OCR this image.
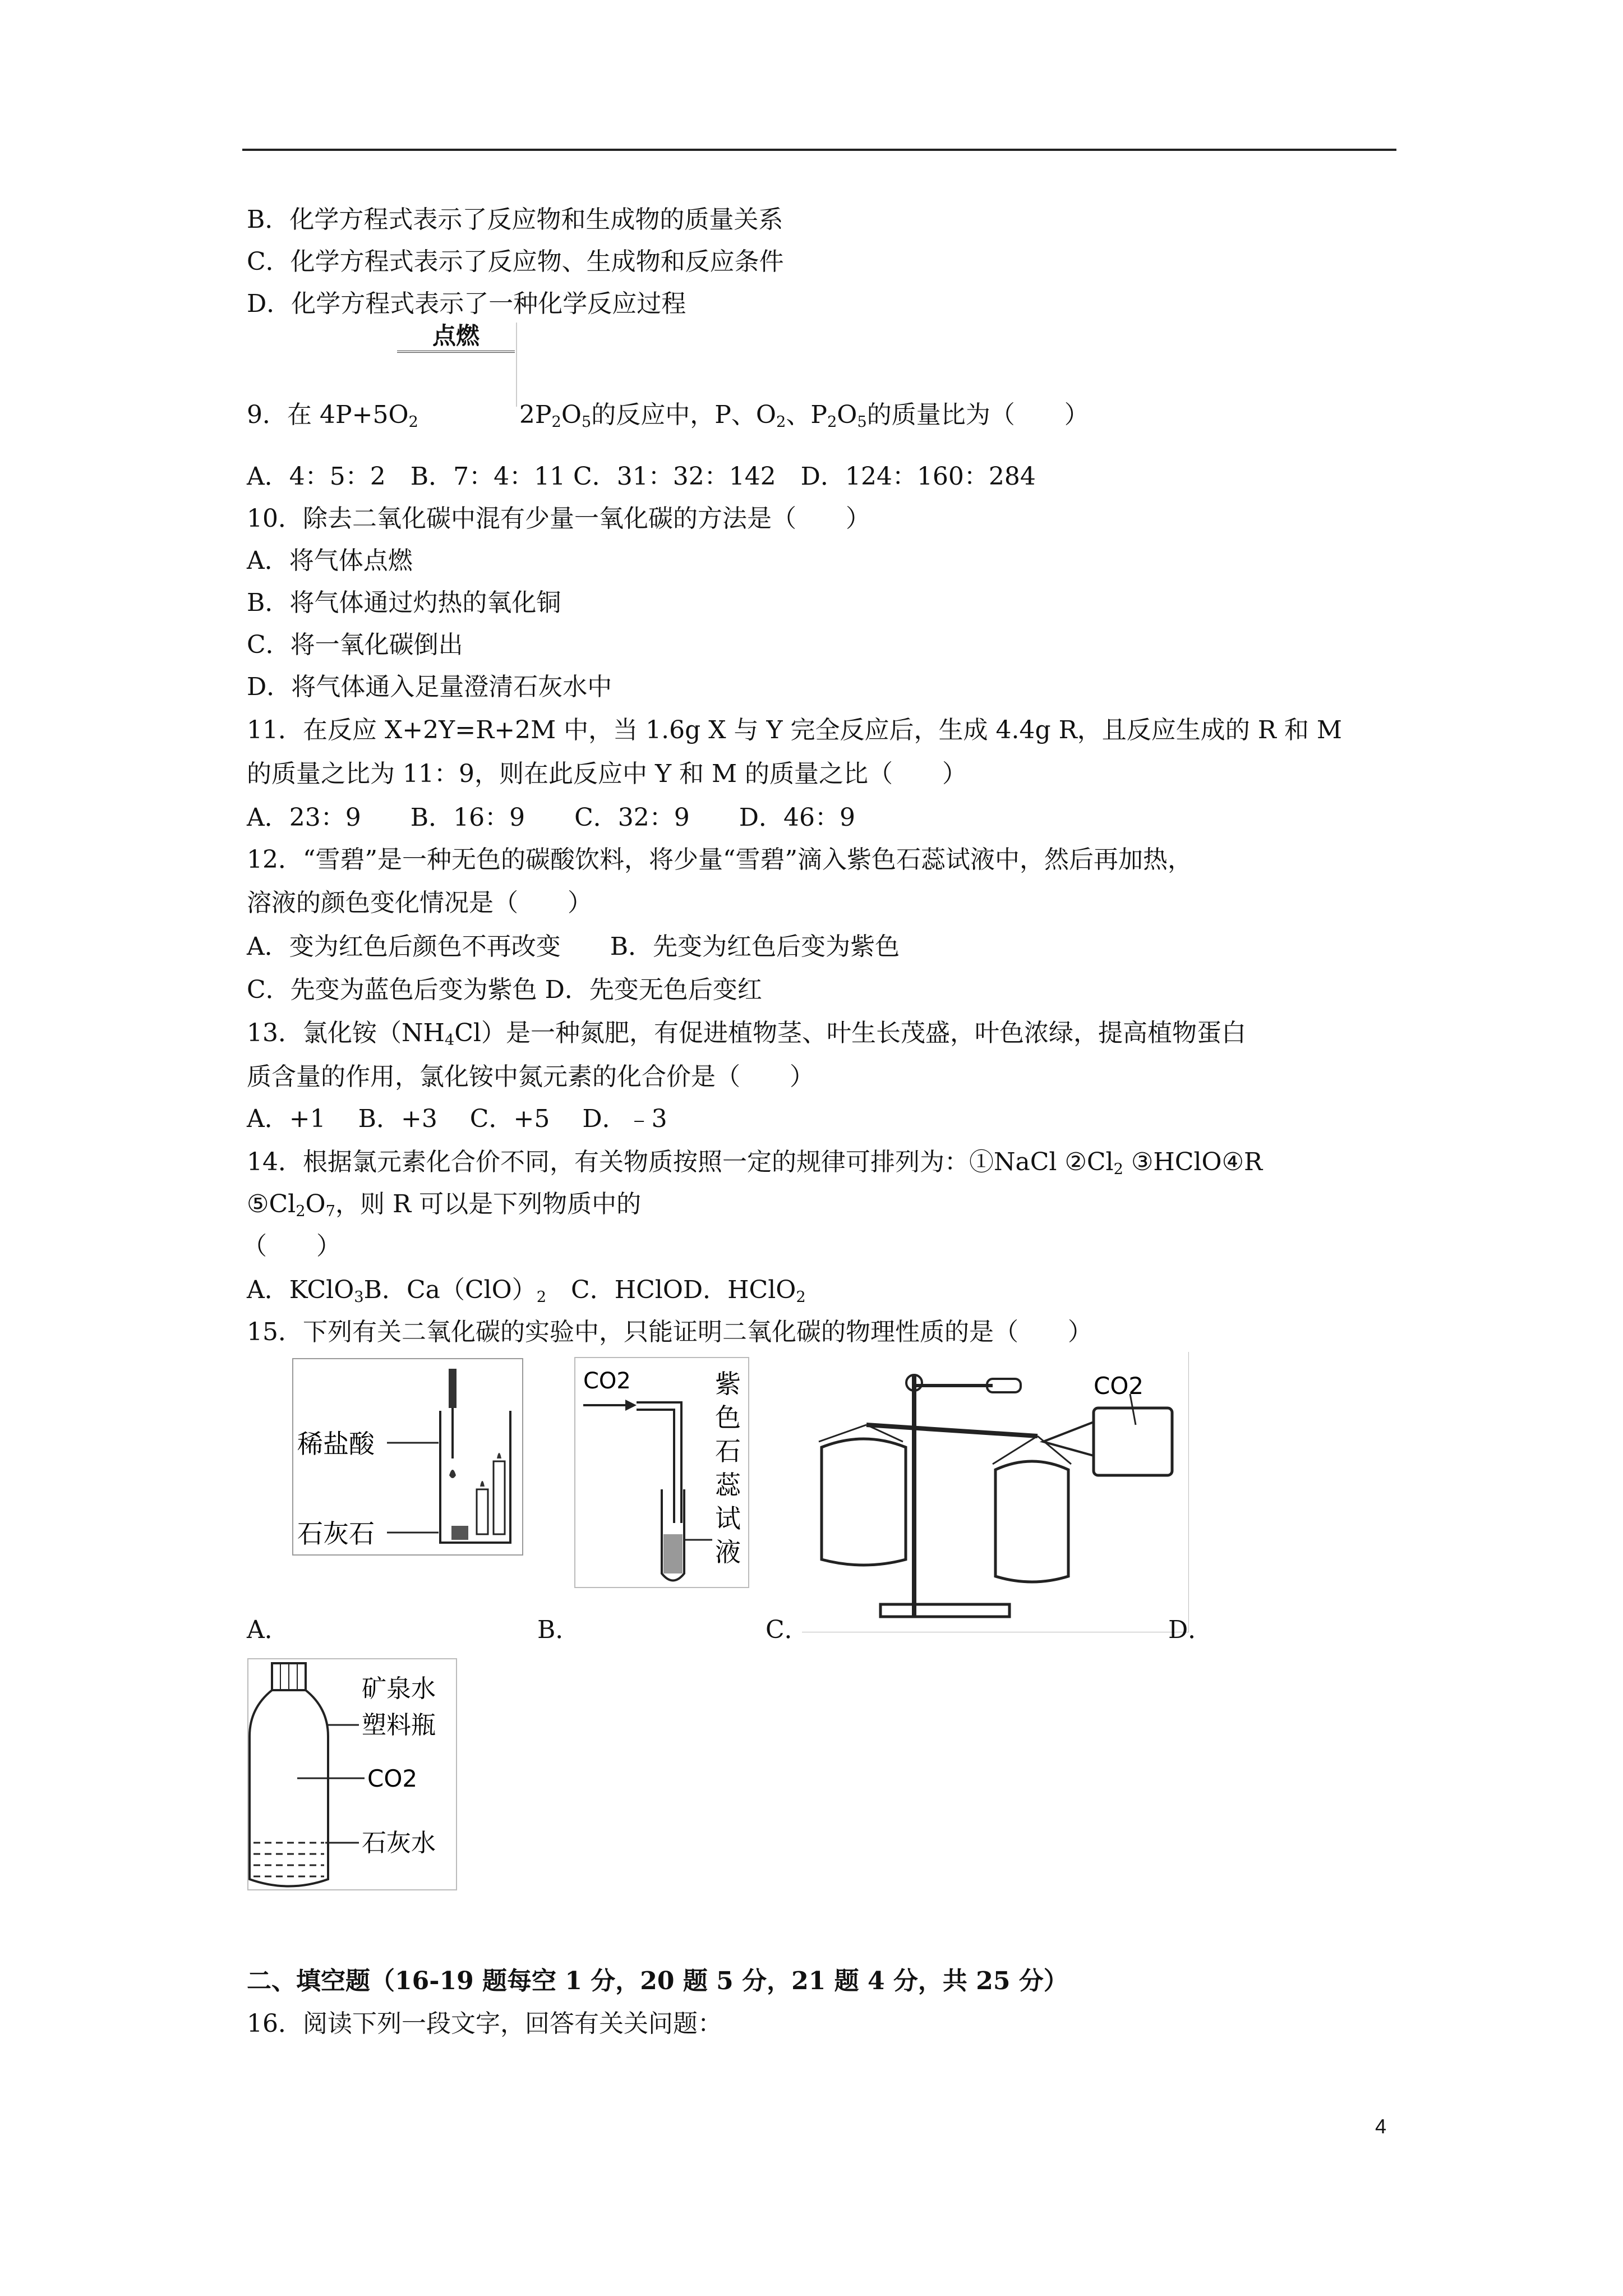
B．化学方程式表示了反应物和生成物的质量关系
C．化学方程式表示了反应物、生成物和反应条件
D．化学方程式表示了一种化学反应过程
点燃
9．在 $4P+5O_2$	$2P_2O_5$的反应中，P、$O_2$、$P_2O_5$的质量比为（　　）
A．4：5：2　B．7：4：11 C．31：32：142　D．124：160：284
10．除去二氧化碳中混有少量一氧化碳的方法是（　　）
A．将气体点燃
B．将气体通过灼热的氧化铜
C．将一氧化碳倒出
D．将气体通入足量澄清石灰水中
11．在反应 X+2Y=R+2M 中，当 1.6g X 与 Y 完全反应后，生成 4.4g R，且反应生成的 R 和 M
的质量之比为 11：9，则在此反应中 Y 和 M 的质量之比（　　）
A．23：9　　B．16：9　　C．32：9　　D．46：9
12．“雪碧”是一种无色的碳酸饮料，将少量“雪碧”滴入紫色石蕊试液中，然后再加热，
溶液的颜色变化情况是（　　）
A．变为红色后颜色不再改变　　B．先变为红色后变为紫色
C．先变为蓝色后变为紫色 D．先变无色后变红
13．氯化铵$(NH_4Cl)$是一种氮肥，有促进植物茎、叶生长茂盛，叶色浓绿，提高植物蛋白
质含量的作用，氯化铵中氮元素的化合价是（　　）
A．+1　 B．+3　 C．+5　 D．﹣3
14．根据氯元素化合价不同，有关物质按照一定的规律可排列为：①NaCl $②Cl_2$ ③HClO④R
$⑤Cl_2O_7$，则 R 可以是下列物质中的
（　　）
A．KClO$_3$B．$Ca(ClO)_2$　C．HClOD．HClO$_2$
15．下列有关二氧化碳的实验中，只能证明二氧化碳的物理性质的是（　　）
稀盐酸
石灰石
CO2	紫
色
石
蕊
试
液
CO2
A．	B．	C．	D．
矿泉水
塑料瓶
CO2
石灰水
二、填空题（16-19 题每空 1 分，20 题 5 分，21 题 4 分，共 25 分）
16．阅读下列一段文字，回答有关关问题：
4
